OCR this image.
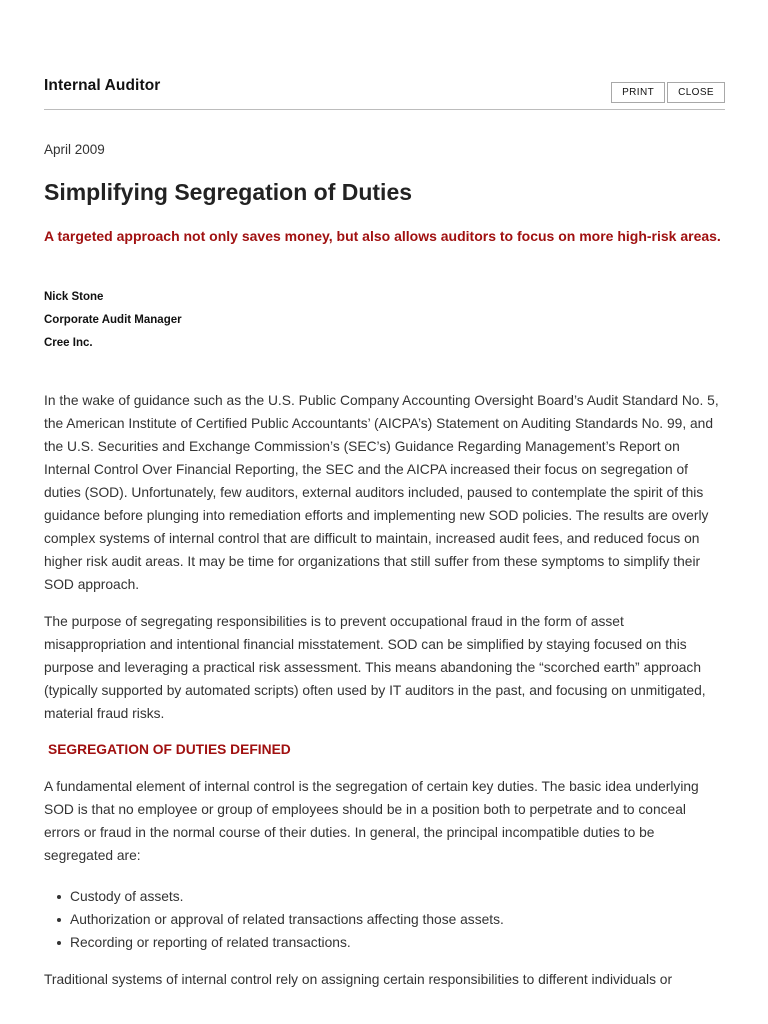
Internal Auditor	PRINT	CLOSE
April 2009
Simplifying Segregation of Duties

A targeted approach not only saves money, but also allows auditors to focus on more high-risk areas.

Nick Stone
Corporate Audit Manager
Cree Inc.

In the wake of guidance such as the U.S. Public Company Accounting Oversight Board’s Audit Standard No. 5, the American Institute of Certified Public Accountants’ (AICPA’s) Statement on Auditing Standards No. 99, and the U.S. Securities and Exchange Commission’s (SEC’s) Guidance Regarding Management’s Report on Internal Control Over Financial Reporting, the SEC and the AICPA increased their focus on segregation of duties (SOD). Unfortunately, few auditors, external auditors included, paused to contemplate the spirit of this guidance before plunging into remediation efforts and implementing new SOD policies. The results are overly complex systems of internal control that are difficult to maintain, increased audit fees, and reduced focus on higher risk audit areas. It may be time for organizations that still suffer from these symptoms to simplify their SOD approach.

The purpose of segregating responsibilities is to prevent occupational fraud in the form of asset misappropriation and intentional financial misstatement. SOD can be simplified by staying focused on this purpose and leveraging a practical risk assessment. This means abandoning the “scorched earth” approach (typically supported by automated scripts) often used by IT auditors in the past, and focusing on unmitigated, material fraud risks.

SEGREGATION OF DUTIES DEFINED

A fundamental element of internal control is the segregation of certain key duties. The basic idea underlying SOD is that no employee or group of employees should be in a position both to perpetrate and to conceal errors or fraud in the normal course of their duties. In general, the principal incompatible duties to be segregated are:

Custody of assets.
Authorization or approval of related transactions affecting those assets.
Recording or reporting of related transactions.

Traditional systems of internal control rely on assigning certain responsibilities to different individuals or
